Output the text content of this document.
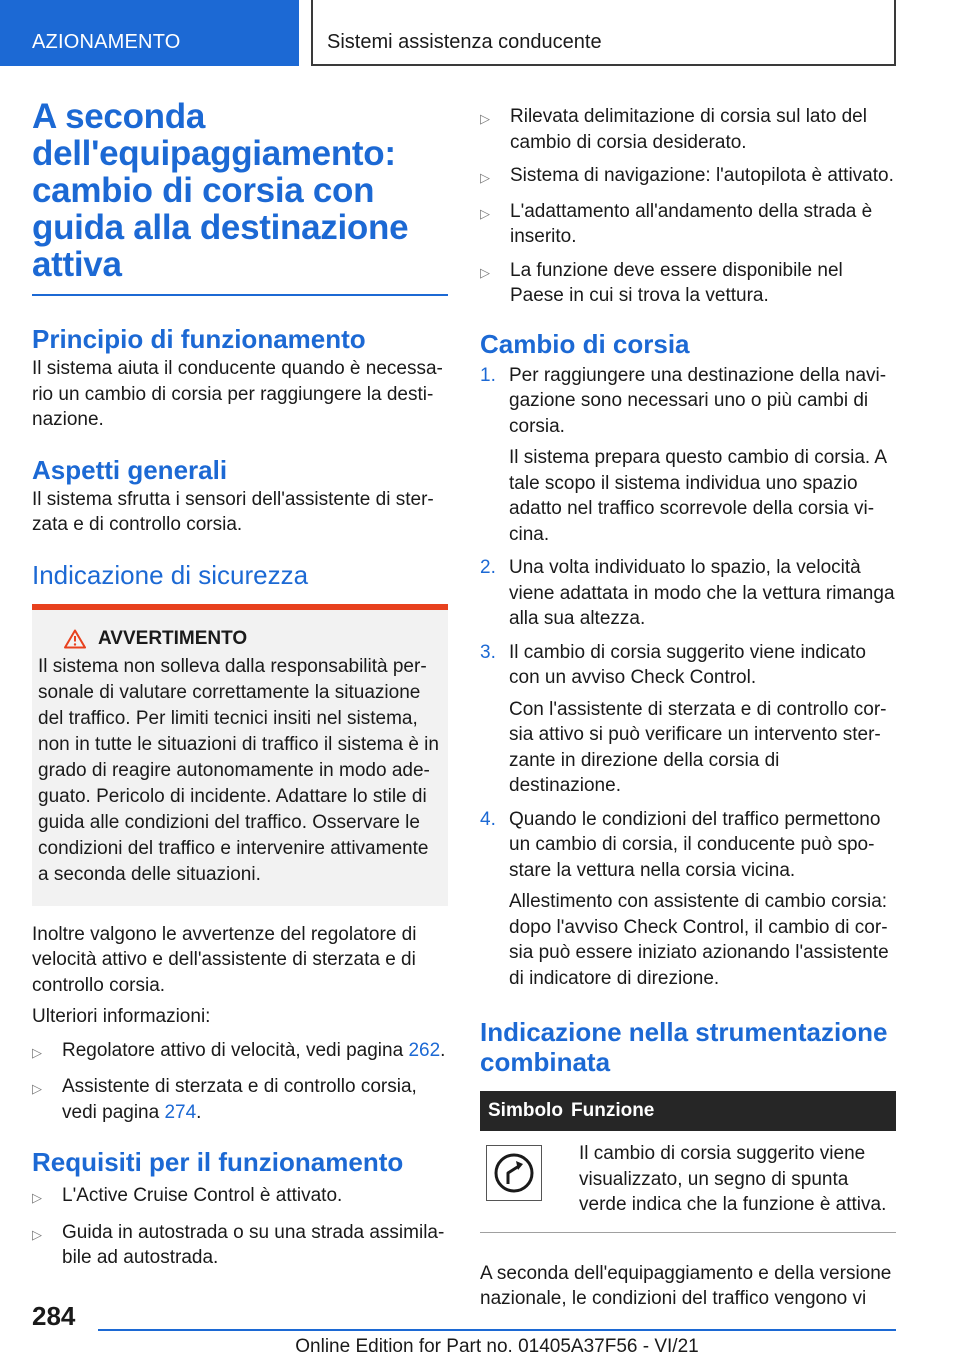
AZIONAMENTO	Sistemi assistenza conducente
A seconda dell'equipaggiamento: cambio di corsia con guida alla destinazione attiva
Principio di funzionamento

Il sistema aiuta il conducente quando è necessario un cambio di corsia per raggiungere la destinazione.

Aspetti generali

Il sistema sfrutta i sensori dell'assistente di sterzata e di controllo corsia.

Indicazione di sicurezza
AVVERTIMENTO
Il sistema non solleva dalla responsabilità personale di valutare correttamente la situazione del traffico. Per limiti tecnici insiti nel sistema, non in tutte le situazioni di traffico il sistema è in grado di reagire autonomamente in modo adeguato. Pericolo di incidente. Adattare lo stile di guida alle condizioni del traffico. Osservare le condizioni del traffico e intervenire attivamente a seconda delle situazioni.

Inoltre valgono le avvertenze del regolatore di velocità attivo e dell'assistente di sterzata e di controllo corsia.

Ulteriori informazioni:

▷	Regolatore attivo di velocità, vedi pagina 262.
▷	Assistente di sterzata e di controllo corsia, vedi pagina 274.
Requisiti per il funzionamento
▷	L'Active Cruise Control è attivato.
▷	Guida in autostrada o su una strada assimilabile ad autostrada.
▷	Rilevata delimitazione di corsia sul lato del cambio di corsia desiderato.
▷	Sistema di navigazione: l'autopilota è attivato.
▷	L'adattamento all'andamento della strada è inserito.
▷	La funzione deve essere disponibile nel Paese in cui si trova la vettura.
Cambio di corsia
1. Per raggiungere una destinazione della navigazione sono necessari uno o più cambi di corsia.
Il sistema prepara questo cambio di corsia. A tale scopo il sistema individua uno spazio adatto nel traffico scorrevole della corsia vicina.
2. Una volta individuato lo spazio, la velocità viene adattata in modo che la vettura rimanga alla sua altezza.
3. Il cambio di corsia suggerito viene indicato con un avviso Check Control.
Con l'assistente di sterzata e di controllo corsia attivo si può verificare un intervento sterzante in direzione della corsia di destinazione.
4. Quando le condizioni del traffico permettono un cambio di corsia, il conducente può spostare la vettura nella corsia vicina.
Allestimento con assistente di cambio corsia: dopo l'avviso Check Control, il cambio di corsia può essere iniziato azionando l'assistente di indicatore di direzione.
Indicazione nella strumentazione combinata
Simbolo Funzione
Il cambio di corsia suggerito viene visualizzato, un segno di spunta verde indica che la funzione è attiva.

A seconda dell'equipaggiamento e della versione nazionale, le condizioni del traffico vengono vi

284
Online Edition for Part no. 01405A37F56 - VI/21
